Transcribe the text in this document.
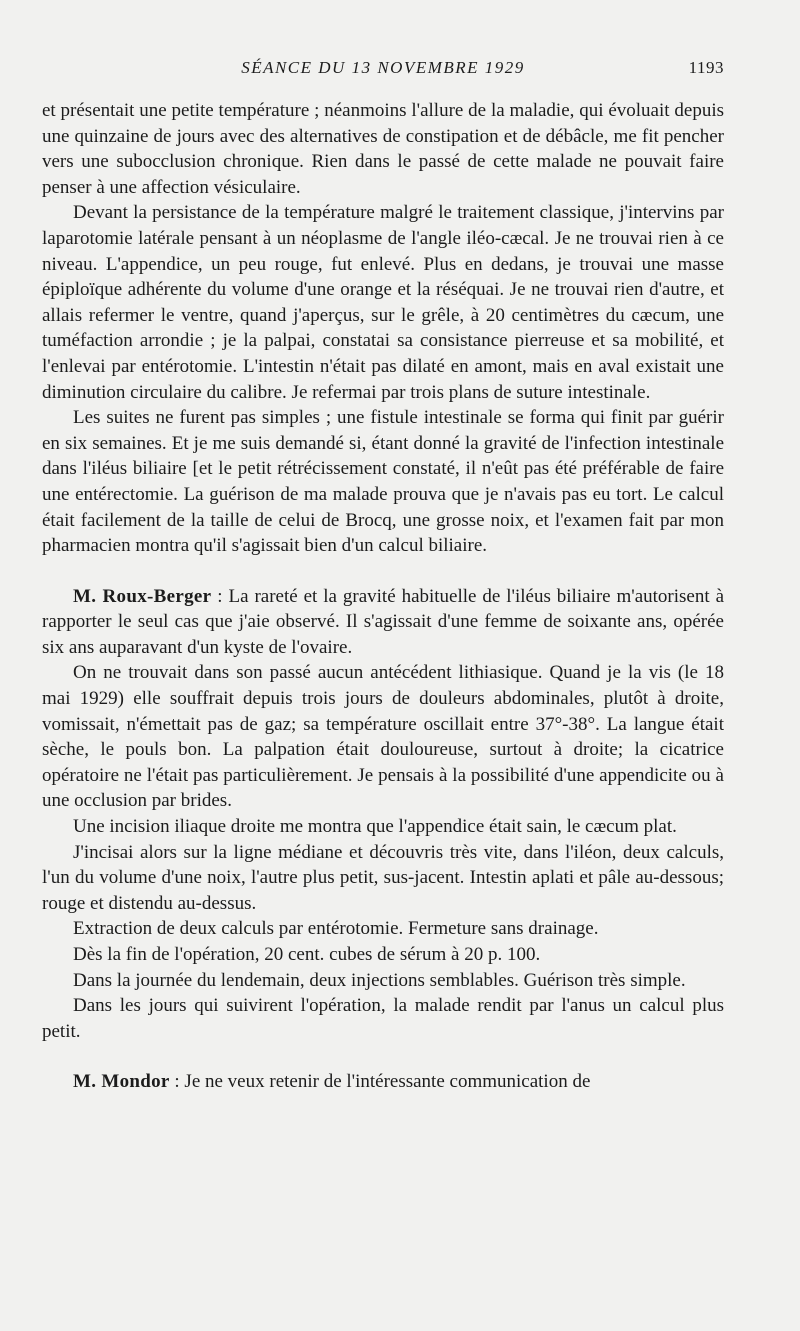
SÉANCE DU 13 NOVEMBRE 1929	1193

et présentait une petite température ; néanmoins l'allure de la maladie, qui évoluait depuis une quinzaine de jours avec des alternatives de constipation et de débâcle, me fit pencher vers une subocclusion chronique. Rien dans le passé de cette malade ne pouvait faire penser à une affection vésiculaire.

Devant la persistance de la température malgré le traitement classique, j'intervins par laparotomie latérale pensant à un néoplasme de l'angle iléo-cæcal. Je ne trouvai rien à ce niveau. L'appendice, un peu rouge, fut enlevé. Plus en dedans, je trouvai une masse épiploïque adhérente du volume d'une orange et la réséquai. Je ne trouvai rien d'autre, et allais refermer le ventre, quand j'aperçus, sur le grêle, à 20 centimètres du cæcum, une tuméfaction arrondie ; je la palpai, constatai sa consistance pierreuse et sa mobilité, et l'enlevai par entérotomie. L'intestin n'était pas dilaté en amont, mais en aval existait une diminution circulaire du calibre. Je refermai par trois plans de suture intestinale.

Les suites ne furent pas simples ; une fistule intestinale se forma qui finit par guérir en six semaines. Et je me suis demandé si, étant donné la gravité de l'infection intestinale dans l'iléus biliaire [et le petit rétrécissement constaté, il n'eût pas été préférable de faire une entérectomie. La guérison de ma malade prouva que je n'avais pas eu tort. Le calcul était facilement de la taille de celui de Brocq, une grosse noix, et l'examen fait par mon pharmacien montra qu'il s'agissait bien d'un calcul biliaire.

M. Roux-Berger : La rareté et la gravité habituelle de l'iléus biliaire m'autorisent à rapporter le seul cas que j'aie observé. Il s'agissait d'une femme de soixante ans, opérée six ans auparavant d'un kyste de l'ovaire.

On ne trouvait dans son passé aucun antécédent lithiasique. Quand je la vis (le 18 mai 1929) elle souffrait depuis trois jours de douleurs abdominales, plutôt à droite, vomissait, n'émettait pas de gaz; sa température oscillait entre 37°-38°. La langue était sèche, le pouls bon. La palpation était douloureuse, surtout à droite; la cicatrice opératoire ne l'était pas particulièrement. Je pensais à la possibilité d'une appendicite ou à une occlusion par brides.

Une incision iliaque droite me montra que l'appendice était sain, le cæcum plat.

J'incisai alors sur la ligne médiane et découvris très vite, dans l'iléon, deux calculs, l'un du volume d'une noix, l'autre plus petit, sus-jacent. Intestin aplati et pâle au-dessous; rouge et distendu au-dessus.

Extraction de deux calculs par entérotomie. Fermeture sans drainage.

Dès la fin de l'opération, 20 cent. cubes de sérum à 20 p. 100.

Dans la journée du lendemain, deux injections semblables. Guérison très simple.

Dans les jours qui suivirent l'opération, la malade rendit par l'anus un calcul plus petit.

M. Mondor : Je ne veux retenir de l'intéressante communication de
